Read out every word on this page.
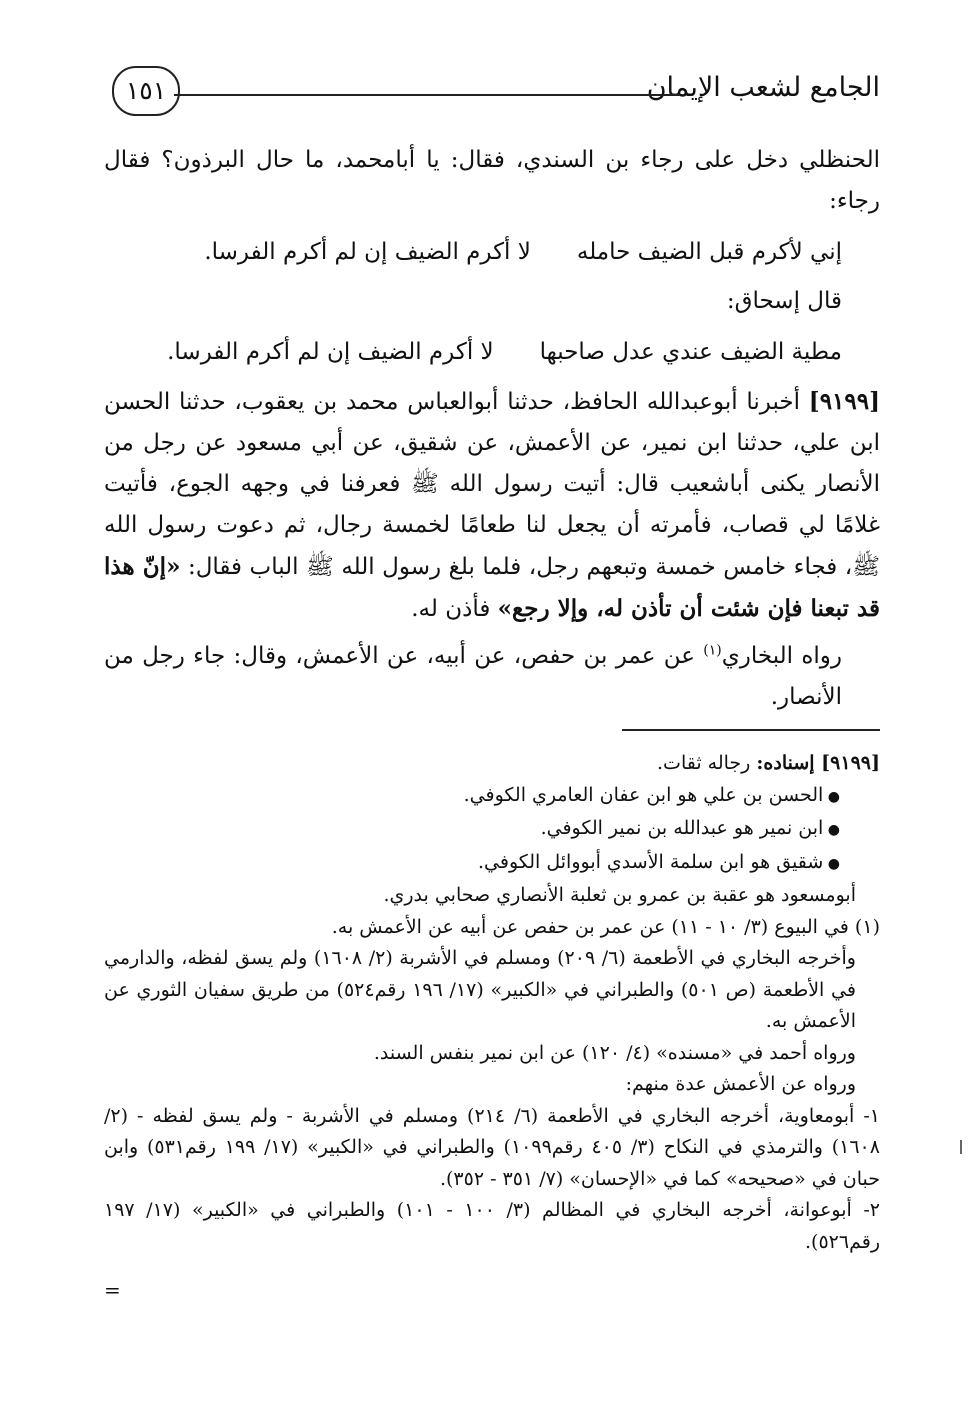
الجامع لشعب الإيمان
١٥١

الحنظلي دخل على رجاء بن السندي، فقال: يا أبامحمد، ما حال البرذون؟ فقال رجاء:

إني لأكرم قبل الضيف حامله
لا أكرم الضيف إن لم أكرم الفرسا.

قال إسحاق:

مطية الضيف عندي عدل صاحبها
لا أكرم الضيف إن لم أكرم الفرسا.

[٩١٩٩] أخبرنا أبوعبدالله الحافظ، حدثنا أبوالعباس محمد بن يعقوب، حدثنا الحسن ابن علي، حدثنا ابن نمير، عن الأعمش، عن شقيق، عن أبي مسعود عن رجل من الأنصار يكنى أباشعيب قال: أتيت رسول الله ﷺ فعرفنا في وجهه الجوع، فأتيت غلامًا لي قصاب، فأمرته أن يجعل لنا طعامًا لخمسة رجال، ثم دعوت رسول الله ﷺ، فجاء خامس خمسة وتبعهم رجل، فلما بلغ رسول الله ﷺ الباب فقال: «إنّ هذا قد تبعنا فإن شئت أن تأذن له، وإلا رجع» فأذن له.

رواه البخاري$^{(١)}$ عن عمر بن حفص، عن أبيه، عن الأعمش، وقال: جاء رجل من الأنصار.

[٩١٩٩] إسناده: رجاله ثقات.

● الحسن بن علي هو ابن عفان العامري الكوفي.

● ابن نمير هو عبدالله بن نمير الكوفي.

● شقيق هو ابن سلمة الأسدي أبووائل الكوفي.

أبومسعود هو عقبة بن عمرو بن ثعلبة الأنصاري صحابي بدري.

(١) في البيوع (٣/ ١٠ - ١١) عن عمر بن حفص عن أبيه عن الأعمش به.

وأخرجه البخاري في الأطعمة (٦/ ٢٠٩) ومسلم في الأشربة (٢/ ١٦٠٨) ولم يسق لفظه، والدارمي في الأطعمة (ص ٥٠١) والطبراني في «الكبير» (١٧/ ١٩٦ رقم٥٢٤) من طريق سفيان الثوري عن الأعمش به.

ورواه أحمد في «مسنده» (٤/ ١٢٠) عن ابن نمير بنفس السند.

ورواه عن الأعمش عدة منهم:

١- أبومعاوية، أخرجه البخاري في الأطعمة (٦/ ٢١٤) ومسلم في الأشربة - ولم يسق لفظه - (٢/ ١٦٠٨) والترمذي في النكاح (٣/ ٤٠٥ رقم١٠٩٩) والطبراني في «الكبير» (١٧/ ١٩٩ رقم٥٣١) وابن حبان في «صحيحه» كما في «الإحسان» (٧/ ٣٥١ - ٣٥٢).

٢- أبوعوانة، أخرجه البخاري في المظالم (٣/ ١٠٠ - ١٠١) والطبراني في «الكبير» (١٧/ ١٩٧ رقم٥٢٦).

=
